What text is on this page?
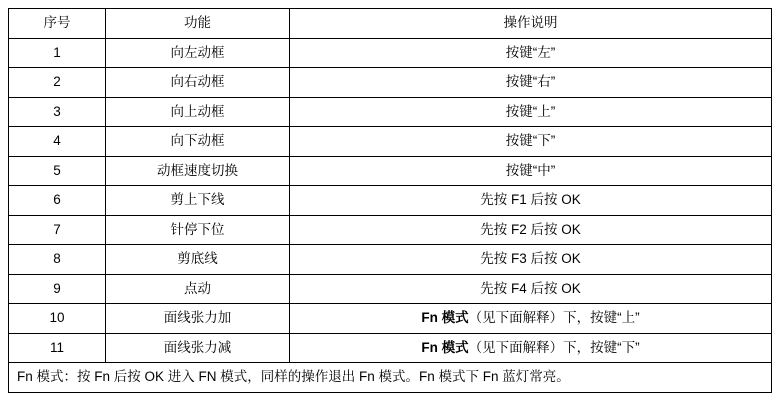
序号	功能	操作说明
1	向左动框	按键“左”
2	向右动框	按键“右”
3	向上动框	按键“上”
4	向下动框	按键“下”
5	动框速度切换	按键“中”
6	剪上下线	先按 F1 后按 OK
7	针停下位	先按 F2 后按 OK
8	剪底线	先按 F3 后按 OK
9	点动	先按 F4 后按 OK
10	面线张力加	Fn 模式（见下面解释）下，按键“上”
11	面线张力减	Fn 模式（见下面解释）下，按键“下”
Fn 模式：按 Fn 后按 OK 进入 FN 模式，同样的操作退出 Fn 模式。Fn 模式下 Fn 蓝灯常亮。		
